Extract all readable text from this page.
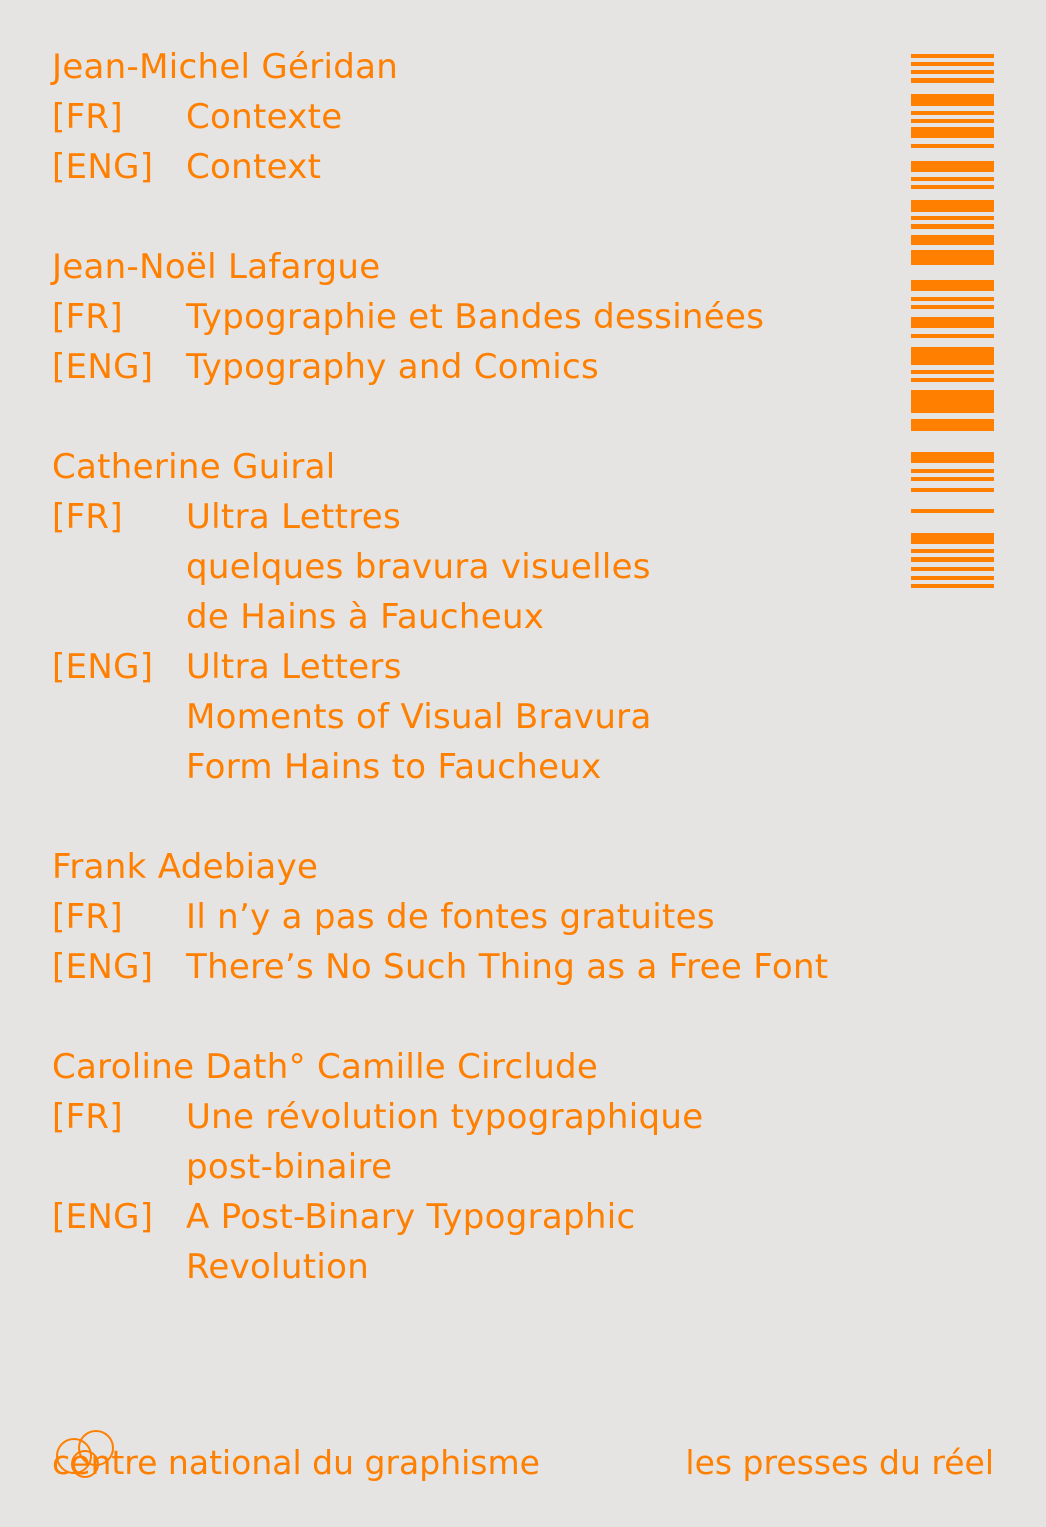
Jean-Michel Géridan
[FR] Contexte
[ENG] Context
Jean-Noël Lafargue
[FR] Typographie et Bandes dessinées
[ENG] Typography and Comics
Catherine Guiral
[FR] Ultra Lettres
quelques bravura visuelles
de Hains à Faucheux
[ENG] Ultra Letters
Moments of Visual Bravura
Form Hains to Faucheux
Frank Adebiaye
[FR] Il n’y a pas de fontes gratuites
[ENG] There’s No Such Thing as a Free Font
Caroline Dath° Camille Circlude
[FR] Une révolution typographique
post-binaire
[ENG] A Post-Binary Typographic
Revolution
centre national du graphisme	les presses du réel
